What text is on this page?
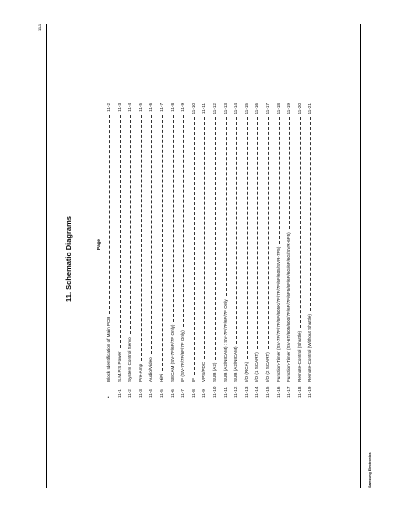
11-1
11. Schematic Diagrams	Page
•
Block Identification of Main PCB
11-2
11-1
S.M.P.S Power
11-3
11-2
System Control Servo
11-4
11-3
Pre-Amp
11-5
11-4
Audio/Video
11-6
11-5
HiFi
11-7
11-6
SECAM (SV-7F/6F/7F Only)
11-8
11-7
IF (SV-7F/7F/6F/7F Only)
11-9
11-8
IF
11-10
11-9
VPS/PDC
11-11
11-10
SUB (A2)
11-12
11-11
SUB (A2/NICAM) : SV-7F/7F/6F/7F Only
11-13
11-12
SUB (A2/NICAM)
11-14
11-13
I/O (RCA)
11-15
11-14
I/O (1 SCART)
11-16
11-15
I/O (2 SCART)
11-17
11-16
Function-Timer (SV-7F/7F/7F/5F/605K/7F/7F/7F/6F/605/SVR-7F5)
11-18
11-17
Function-Timer (SV-6T/605/600/7F/6F/7F/6F5/6F/6F/6G/6F/6G/SVR-6F5)
11-19
11-18
Remote-Control (Shuttle)
11-20
11-19
Remote-Control (Without Shuttle)
11-21
Samsung Electronics
